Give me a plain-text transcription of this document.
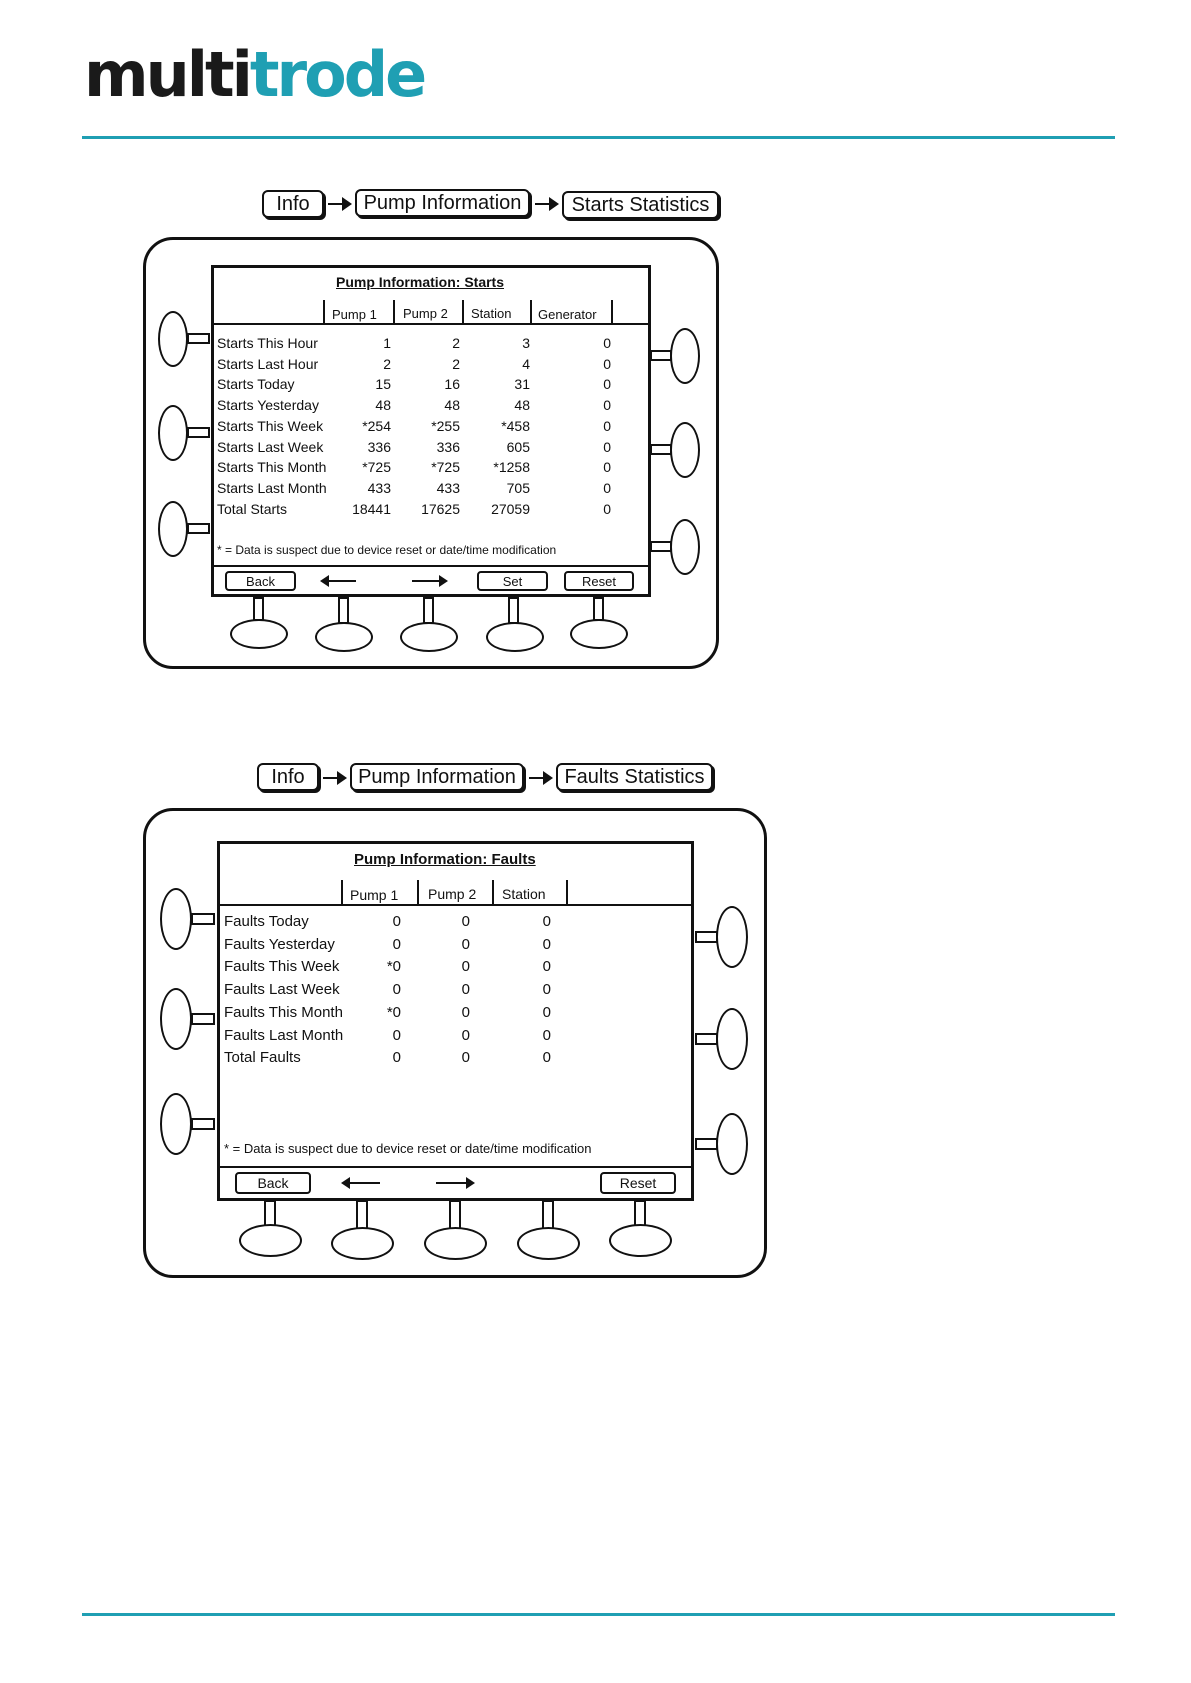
multitrode
Info	Pump Information	Starts Statistics
Pump Information: Starts
Pump 1 Pump 2 Station Generator
Starts This Hour	1	2	3	0
Starts Last Hour	2	2	4	0
Starts Today	15	16	31	0
Starts Yesterday	48	48	48	0
Starts This Week	*254	*255	*458	0
Starts Last Week	336	336	605	0
Starts This Month	*725	*725	*1258	0
Starts Last Month	433	433	705	0
Total Starts	18441	17625	27059	0
* = Data is suspect due to device reset or date/time modification
Back	Set	Reset
Info	Pump Information	Faults Statistics
Pump Information: Faults
Pump 1 Pump 2 Station
Faults Today	0	0	0
Faults Yesterday	0	0	0
Faults This Week	*0	0	0
Faults Last Week	0	0	0
Faults This Month	*0	0	0
Faults Last Month	0	0	0
Total Faults	0	0	0
* = Data is suspect due to device reset or date/time modification
Back	Reset
